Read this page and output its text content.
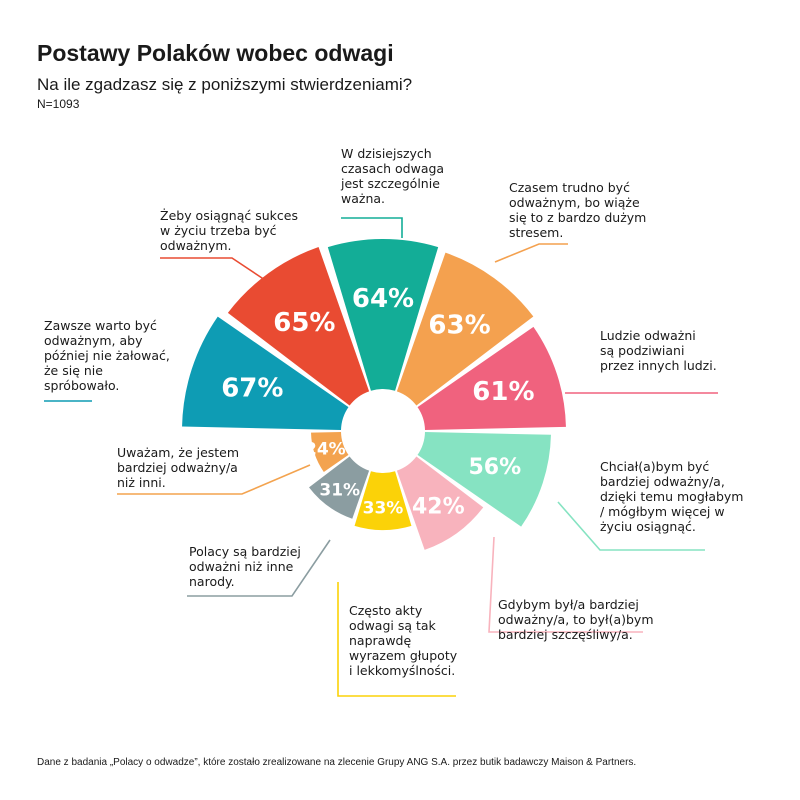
Postawy Polaków wobec odwagi

Na ile zgadzasz się z poniższymi stwierdzeniami?

N=1093

67%
Zawsze warto być odważnym, aby później nie żałować, że się nie spróbowało.
65%
Żeby osiągnąć sukces w życiu trzeba być odważnym.
64%
W dzisiejszych czasach odwaga jest szczególnie ważna.
63%
Czasem trudno być odważnym, bo wiąże się to z bardzo dużym stresem.
61%
Ludzie odważni są podziwiani przez innych ludzi.
56%	Chciał(a)bym być bardziej odważny/a, dzięki temu mogłabym / mógłbym więcej w życiu osiągnąć.
42%
Gdybym był/a bardziej odważny/a, to był(a)bym bardziej szczęśliwy/a.
33%
Często akty odwagi są tak naprawdę wyrazem głupoty i lekkomyślności.
31%
Polacy są bardziej odważni niż inne narody.
24%
Uważam, że jestem bardziej odważny/a niż inni.

Dane z badania „Polacy o odwadze”, które zostało zrealizowane na zlecenie Grupy ANG S.A. przez butik badawczy Maison & Partners.
